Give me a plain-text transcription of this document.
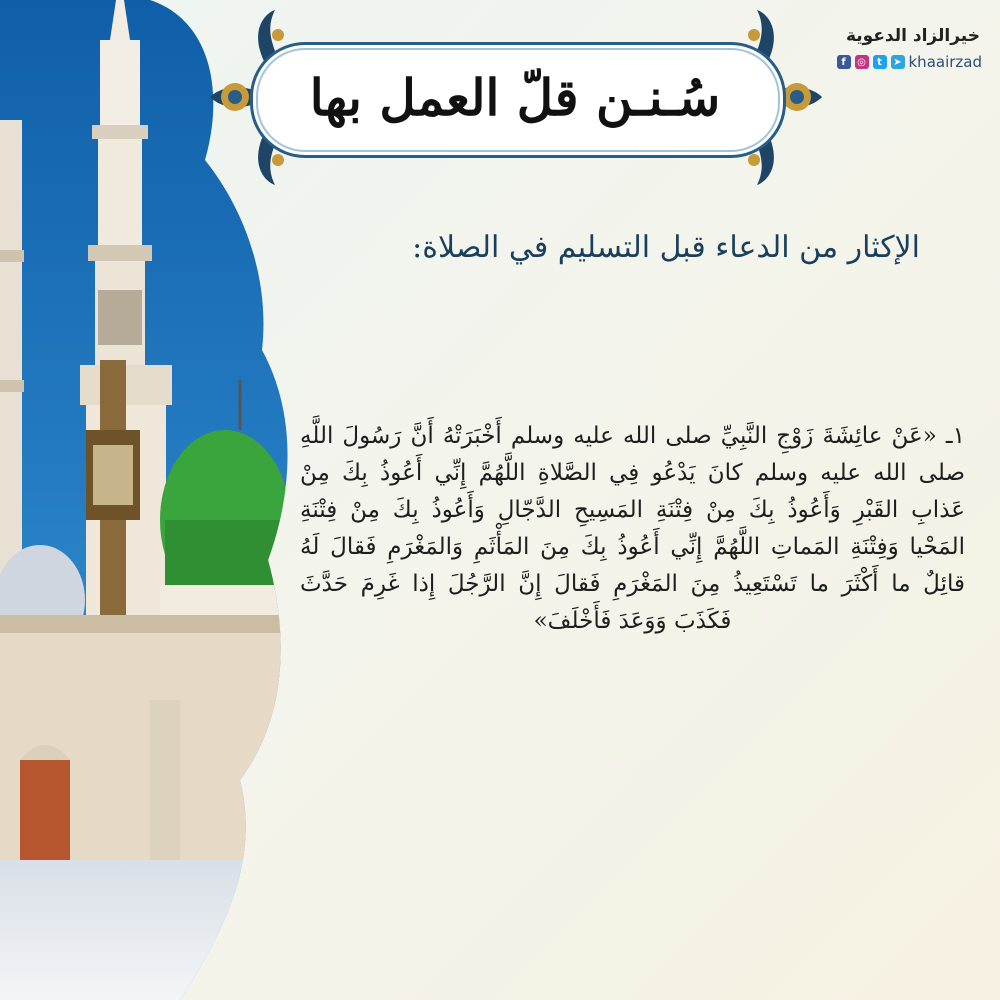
سُـنـن قلّ العمل بها
خيرالزاد الدعوية
f	◎	t	➤ khaairzad
الإكثار من الدعاء قبل التسليم في الصلاة:
١ـ «عَنْ عائِشَةَ زَوْجِ النَّبِيِّ صلى الله عليه وسلم أَخْبَرَتْهُ أَنَّ رَسُولَ اللَّهِ صلى الله عليه وسلم كانَ يَدْعُو فِي الصَّلاةِ اللَّهُمَّ إِنِّي أَعُوذُ بِكَ مِنْ عَذابِ القَبْرِ وَأَعُوذُ بِكَ مِنْ فِتْنَةِ المَسِيحِ الدَّجّالِ وَأَعُوذُ بِكَ مِنْ فِتْنَةِ المَحْيا وَفِتْنَةِ المَماتِ اللَّهُمَّ إِنِّي أَعُوذُ بِكَ مِنَ المَأْثَمِ وَالمَغْرَمِ فَقالَ لَهُ قائِلٌ ما أَكْثَرَ ما تَسْتَعِيذُ مِنَ المَغْرَمِ فَقالَ إِنَّ الرَّجُلَ إِذا غَرِمَ حَدَّثَ فَكَذَبَ وَوَعَدَ فَأَخْلَفَ»
